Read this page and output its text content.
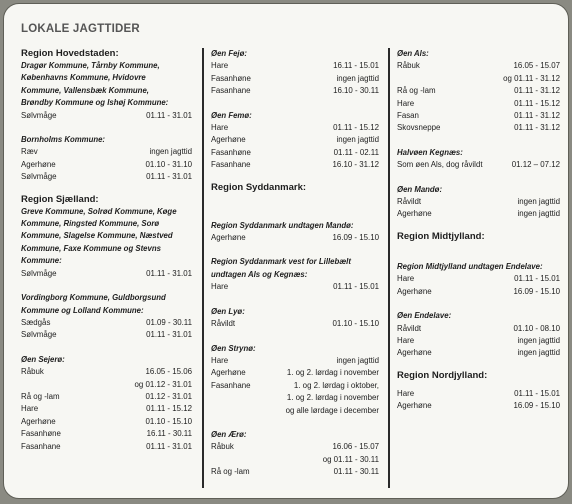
LOKALE JAGTTIDER
Region Hovedstaden:
Dragør Kommune, Tårnby Kommune,
Københavns Kommune, Hvidovre
Kommune, Vallensbæk Kommune,
Brøndby Kommune og Ishøj Kommune:
Sølvmåge	01.11 - 31.01
Bornholms Kommune:
Ræv	ingen jagttid
Agerhøne	01.10 - 31.10
Sølvmåge	01.11 - 31.01
Region Sjælland:
Greve Kommune, Solrød Kommune, Køge
Kommune, Ringsted Kommune, Sorø
Kommune, Slagelse Kommune, Næstved
Kommune, Faxe Kommune og Stevns
Kommune:
Sølvmåge	01.11 - 31.01
Vordingborg Kommune, Guldborgsund
Kommune og Lolland Kommune:
Sædgås	01.09 - 30.11
Sølvmåge	01.11 - 31.01
Øen Sejerø:
Råbuk	16.05 - 15.06
og 01.12 - 31.01
Rå og -lam	01.12 - 31.01
Hare	01.11 - 15.12
Agerhøne	01.10 - 15.10
Fasanhøne	16.11 - 30.11
Fasanhane	01.11 - 31.01
Øen Fejø:
Hare	16.11 - 15.01
Fasanhøne	ingen jagttid
Fasanhane	16.10 - 30.11
Øen Femø:
Hare	01.11 - 15.12
Agerhøne	ingen jagttid
Fasanhøne	01.11 - 02.11
Fasanhane	16.10 - 31.12
Region Syddanmark:
Region Syddanmark undtagen Mandø:
Agerhøne	16.09 - 15.10
Region Syddanmark vest for Lillebælt
undtagen Als og Kegnæs:
Hare	01.11 - 15.01
Øen Lyø:
Råvildt	01.10 - 15.10
Øen Strynø:
Hare	ingen jagttid
Agerhøne	1. og 2. lørdag i november
Fasanhane	1. og 2. lørdag i oktober,
1. og 2. lørdag i november
og alle lørdage i december
Øen Ærø:
Råbuk	16.06 - 15.07
og 01.11 - 30.11
Rå og -lam	01.11 - 30.11
Øen Als:
Råbuk	16.05 - 15.07
og 01.11 - 31.12
Rå og -lam	01.11 - 31.12
Hare	01.11 - 15.12
Fasan	01.11 - 31.12
Skovsneppe	01.11 - 31.12
Halvøen Kegnæs:
Som øen Als, dog råvildt	01.12 – 07.12
Øen Mandø:
Råvildt	ingen jagttid
Agerhøne	ingen jagttid
Region Midtjylland:
Region Midtjylland undtagen Endelave:
Hare	01.11 - 15.01
Agerhøne	16.09 - 15.10
Øen Endelave:
Råvildt	01.10 - 08.10
Hare	ingen jagttid
Agerhøne	ingen jagttid
Region Nordjylland:
Hare	01.11 - 15.01
Agerhøne	16.09 - 15.10
